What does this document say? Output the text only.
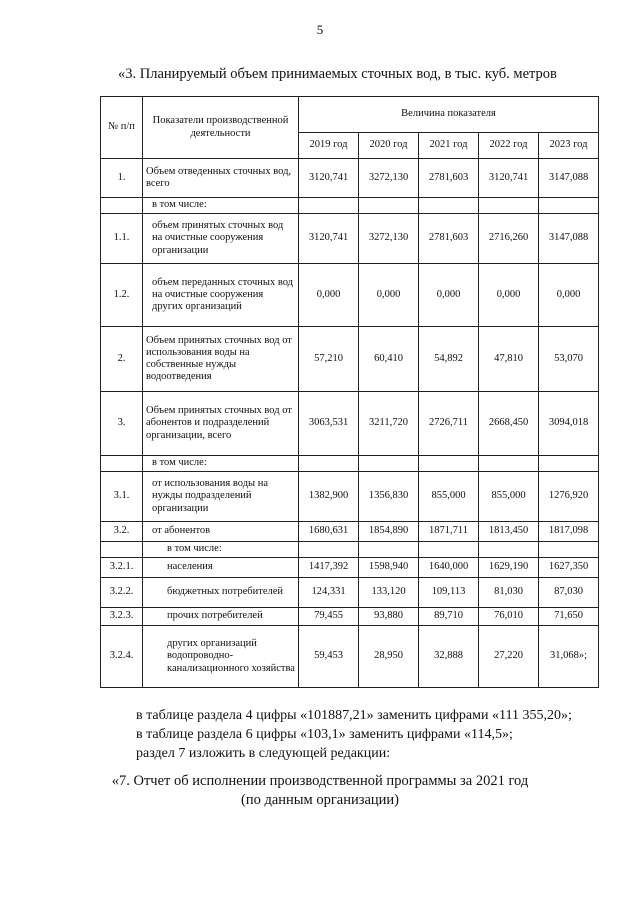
5
«3. Планируемый объем принимаемых сточных вод, в тыс. куб. метров
№ п/п	Показатели производственной деятельности	Величина показателя				
		2019 год	2020 год	2021 год	2022 год	2023 год
1.	Объем отведенных сточных вод, всего	3120,741	3272,130	2781,603	3120,741	3147,088
	в том числе:					
1.1.	объем принятых сточных вод на очистные сооружения организации	3120,741	3272,130	2781,603	2716,260	3147,088
1.2.	объем переданных сточных вод на очистные сооружения других организаций	0,000	0,000	0,000	0,000	0,000
2.	Объем принятых сточных вод от использования воды на собственные нужды водоотведения	57,210	60,410	54,892	47,810	53,070
3.	Объем принятых сточных вод от абонентов и подразделений организации, всего	3063,531	3211,720	2726,711	2668,450	3094,018
	в том числе:					
3.1.	от использования воды на нужды подразделений организации	1382,900	1356,830	855,000	855,000	1276,920
3.2.	от абонентов	1680,631	1854,890	1871,711	1813,450	1817,098
	в том числе:					
3.2.1.	населения	1417,392	1598,940	1640,000	1629,190	1627,350
3.2.2.	бюджетных потребителей	124,331	133,120	109,113	81,030	87,030
3.2.3.	прочих потребителей	79,455	93,880	89,710	76,010	71,650
3.2.4.	других организаций водопроводно-канализационного хозяйства	59,453	28,950	32,888	27,220	31,068»;
в таблице раздела 4 цифры «101887,21» заменить цифрами «111 355,20»;
в таблице раздела 6 цифры «103,1» заменить цифрами «114,5»;
раздел 7 изложить в следующей редакции:
«7. Отчет об исполнении производственной программы за 2021 год
(по данным организации)
